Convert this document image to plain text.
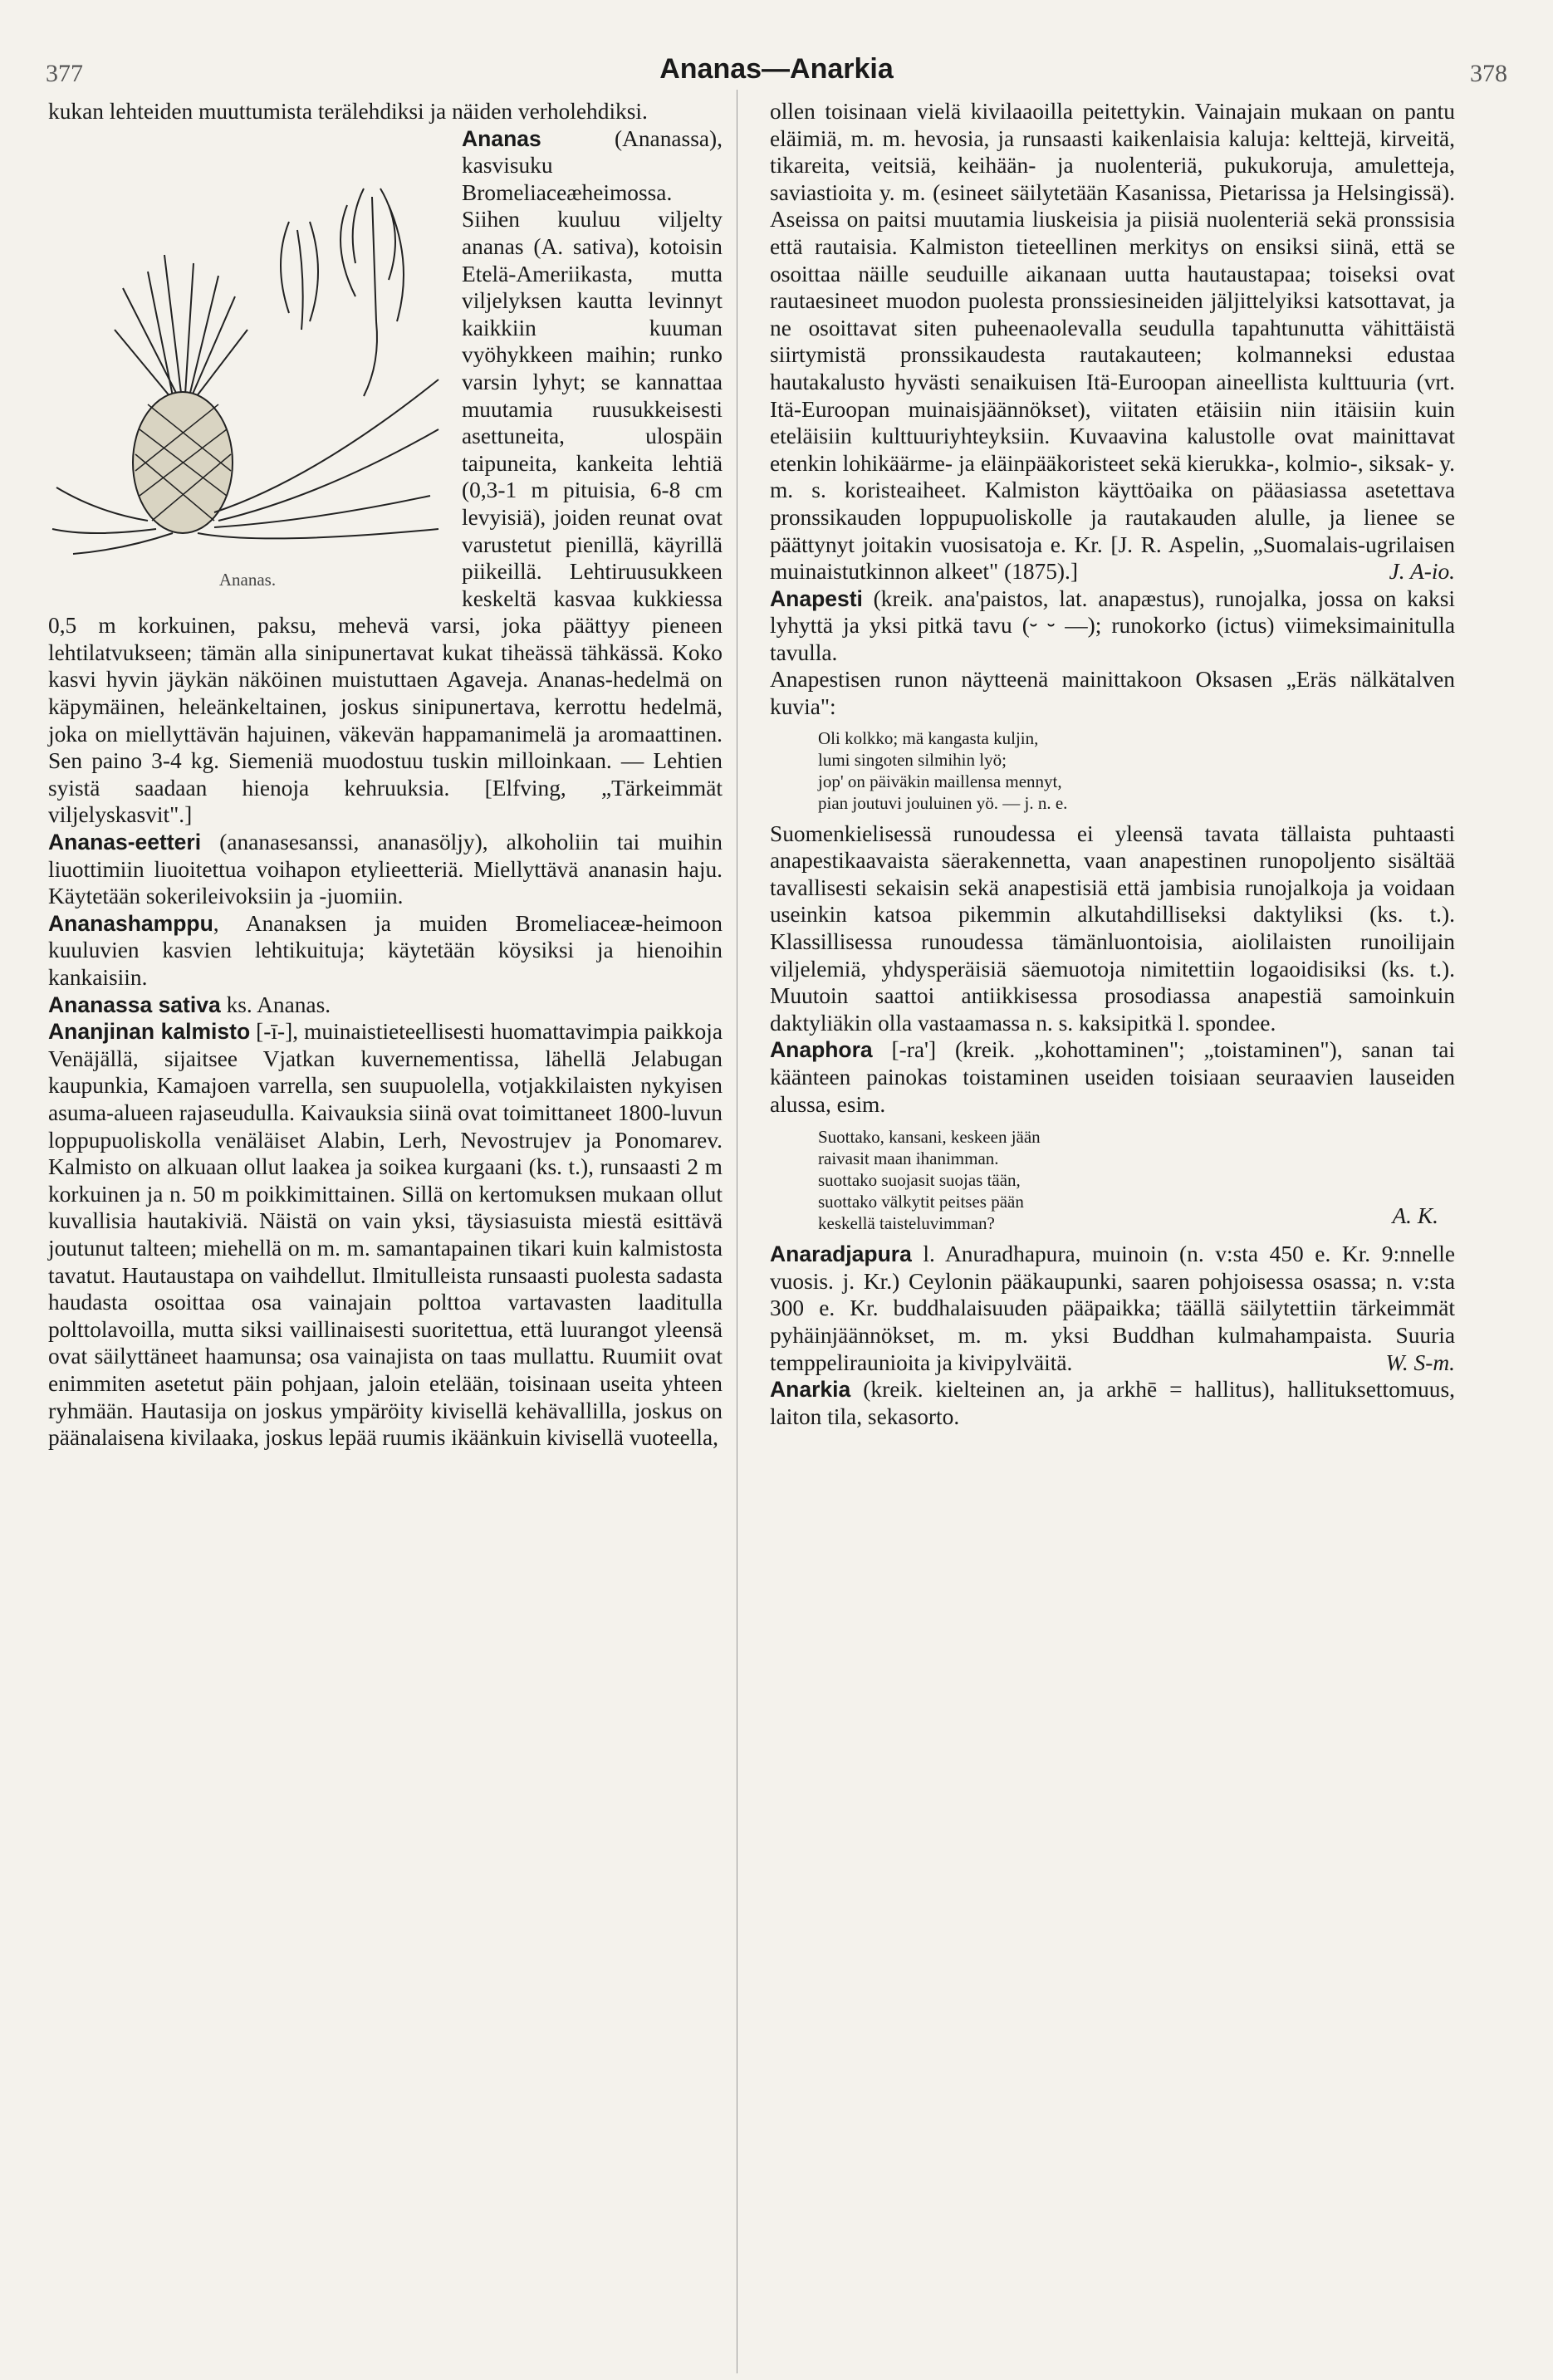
377	Ananas—Anarkia	378

kukan lehteiden muuttumista terälehdiksi ja näiden verholehdiksi.

Ananas.

Ananas (Ananassa), kasvisuku Bromeliaceæheimossa. Siihen kuuluu viljelty ananas (A. sativa), kotoisin Etelä-Ameriikasta, mutta viljelyksen kautta levinnyt kaikkiin kuuman vyöhykkeen maihin; runko varsin lyhyt; se kannattaa muutamia ruusukkeisesti asettuneita, ulospäin taipuneita, kankeita lehtiä (0,3-1 m pituisia, 6-8 cm levyisiä), joiden reunat ovat varustetut pienillä, käyrillä piikeillä. Lehtiruusukkeen keskeltä kasvaa kukkiessa 0,5 m korkuinen, paksu, mehevä varsi, joka päättyy pieneen lehtilatvukseen; tämän alla sinipunertavat kukat tiheässä tähkässä. Koko kasvi hyvin jäykän näköinen muistuttaen Agaveja. Ananas-hedelmä on käpymäinen, heleänkeltainen, joskus sinipunertava, kerrottu hedelmä, joka on miellyttävän hajuinen, väkevän happamanimelä ja aromaattinen. Sen paino 3-4 kg. Siemeniä muodostuu tuskin milloinkaan. — Lehtien syistä saadaan hienoja kehruuksia. [Elfving, „Tärkeimmät viljelyskasvit".]

Ananas-eetteri (ananasesanssi, ananasöljy), alkoholiin tai muihin liuottimiin liuoitettua voihapon etylieetteriä. Miellyttävä ananasin haju. Käytetään sokerileivoksiin ja -juomiin.

Ananashamppu, Ananaksen ja muiden Bromeliaceæ-heimoon kuuluvien kasvien lehtikuituja; käytetään köysiksi ja hienoihin kankaisiin.

Ananassa sativa ks. Ananas.

Ananjinan kalmisto [-ī-], muinaistieteellisesti huomattavimpia paikkoja Venäjällä, sijaitsee Vjatkan kuvernementissa, lähellä Jelabugan kaupunkia, Kamajoen varrella, sen suupuolella, votjakkilaisten nykyisen asuma-alueen rajaseudulla. Kaivauksia siinä ovat toimittaneet 1800-luvun loppupuoliskolla venäläiset Alabin, Lerh, Nevostrujev ja Ponomarev. Kalmisto on alkuaan ollut laakea ja soikea kurgaani (ks. t.), runsaasti 2 m korkuinen ja n. 50 m poikkimittainen. Sillä on kertomuksen mukaan ollut kuvallisia hautakiviä. Näistä on vain yksi, täysiasuista miestä esittävä joutunut talteen; miehellä on m. m. samantapainen tikari kuin kalmistosta tavatut. Hautaustapa on vaihdellut. Ilmitulleista runsaasti puolesta sadasta haudasta osoittaa osa vainajain polttoa vartavasten laaditulla polttolavoilla, mutta siksi vaillinaisesti suoritettua, että luurangot yleensä ovat säilyttäneet haamunsa; osa vainajista on taas mullattu. Ruumiit ovat enimmiten asetetut päin pohjaan, jaloin etelään, toisinaan useita yhteen ryhmään. Hautasija on joskus ympäröity kivisellä kehävallilla, joskus on päänalaisena kivilaaka, joskus lepää ruumis ikäänkuin kivisellä vuoteella,

ollen toisinaan vielä kivilaaoilla peitettykin. Vainajain mukaan on pantu eläimiä, m. m. hevosia, ja runsaasti kaikenlaisia kaluja: kelttejä, kirveitä, tikareita, veitsiä, keihään- ja nuolenteriä, pukukoruja, amuletteja, saviastioita y. m. (esineet säilytetään Kasanissa, Pietarissa ja Helsingissä). Aseissa on paitsi muutamia liuskeisia ja piisiä nuolenteriä sekä pronssisia että rautaisia. Kalmiston tieteellinen merkitys on ensiksi siinä, että se osoittaa näille seuduille aikanaan uutta hautaustapaa; toiseksi ovat rautaesineet muodon puolesta pronssiesineiden jäljittelyiksi katsottavat, ja ne osoittavat siten puheenaolevalla seudulla tapahtunutta vähittäistä siirtymistä pronssikaudesta rautakauteen; kolmanneksi edustaa hautakalusto hyvästi senaikuisen Itä-Euroopan aineellista kulttuuria (vrt. Itä-Euroopan muinaisjäännökset), viitaten etäisiin niin itäisiin kuin eteläisiin kulttuuriyhteyksiin. Kuvaavina kalustolle ovat mainittavat etenkin lohikäärme- ja eläinpääkoristeet sekä kierukka-, kolmio-, siksak- y. m. s. koristeaiheet. Kalmiston käyttöaika on pääasiassa asetettava pronssikauden loppupuoliskolle ja rautakauden alulle, ja lienee se päättynyt joitakin vuosisatoja e. Kr. [J. R. Aspelin, „Suomalais-ugrilaisen muinaistutkinnon alkeet" (1875).]	J. A-io.

Anapesti (kreik. ana'paistos, lat. anapæstus), runojalka, jossa on kaksi lyhyttä ja yksi pitkä tavu (⏑ ⏑ ―); runokorko (ictus) viimeksimainitulla tavulla.

Anapestisen runon näytteenä mainittakoon Oksasen „Eräs nälkätalven kuvia":

Oli kolkko; mä kangasta kuljin,
lumi singoten silmihin lyö;
jop' on päiväkin maillensa mennyt,
pian joutuvi jouluinen yö. — j. n. e.

Suomenkielisessä runoudessa ei yleensä tavata tällaista puhtaasti anapestikaavaista säerakennetta, vaan anapestinen runopoljento sisältää tavallisesti sekaisin sekä anapestisiä että jambisia runojalkoja ja voidaan useinkin katsoa pikemmin alkutahdilliseksi daktyliksi (ks. t.). Klassillisessa runoudessa tämänluontoisia, aiolilaisten runoilijain viljelemiä, yhdysperäisiä säemuotoja nimitettiin logaoidisiksi (ks. t.). Muutoin saattoi antiikkisessa prosodiassa anapestiä samoinkuin daktyliäkin olla vastaamassa n. s. kaksipitkä l. spondee.

Anaphora [-ra'] (kreik. „kohottaminen"; „toistaminen"), sanan tai käänteen painokas toistaminen useiden toisiaan seuraavien lauseiden alussa, esim.

Suottako, kansani, keskeen jään
raivasit maan ihanimman.
suottako suojasit suojas tään,
suottako välkytit peitses pään
keskellä taisteluvimman?	A. K.

Anaradjapura l. Anuradhapura, muinoin (n. v:sta 450 e. Kr. 9:nnelle vuosis. j. Kr.) Ceylonin pääkaupunki, saaren pohjoisessa osassa; n. v:sta 300 e. Kr. buddhalaisuuden pääpaikka; täällä säilytettiin tärkeimmät pyhäinjäännökset, m. m. yksi Buddhan kulmahampaista. Suuria temppeliraunioita ja kivipylväitä.	W. S-m.

Anarkia (kreik. kielteinen an, ja arkhē = hallitus), hallituksettomuus, laiton tila, sekasorto.
